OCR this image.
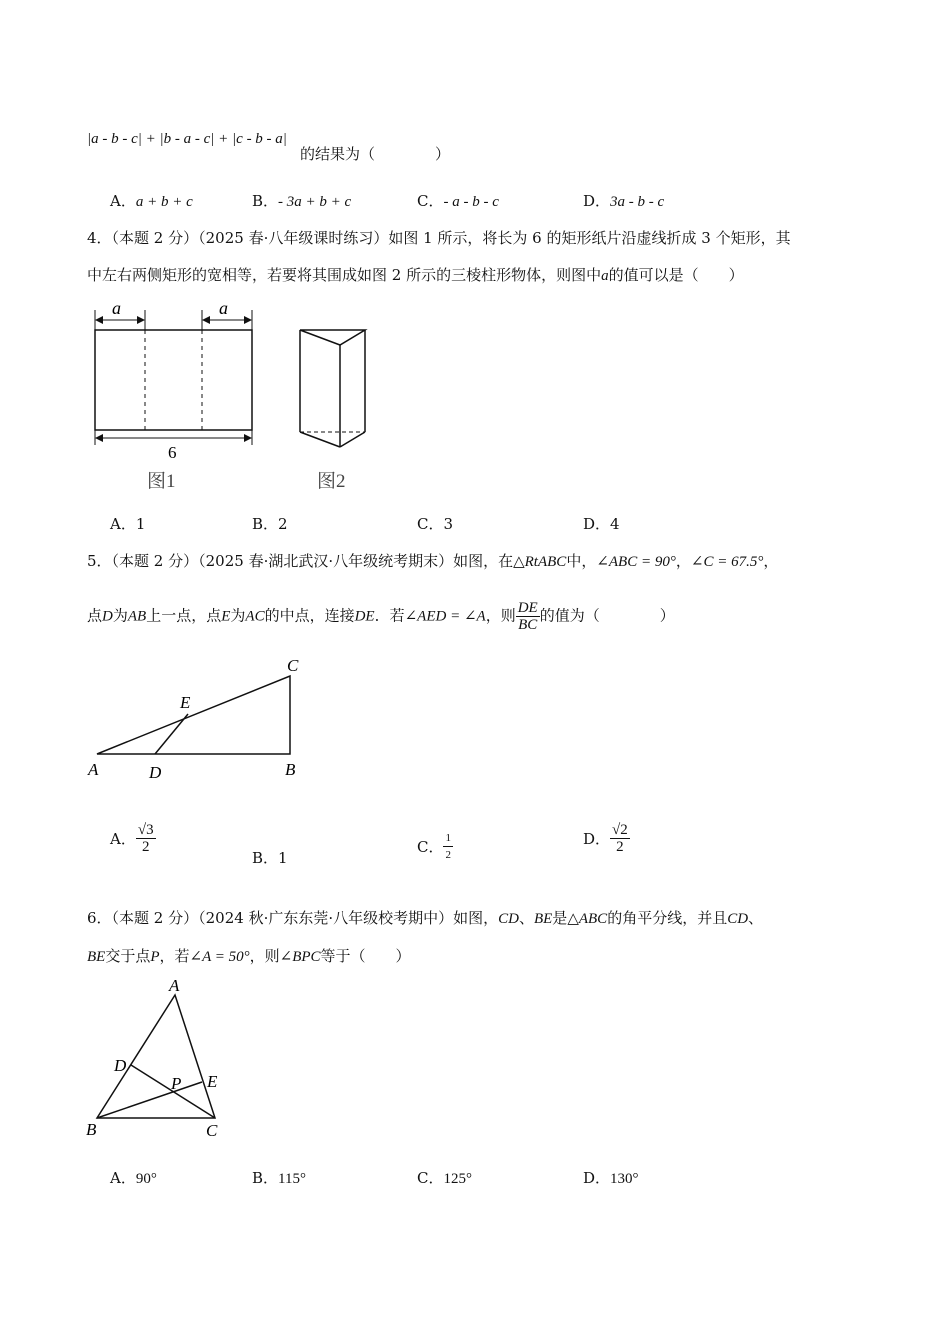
|a - b - c| + |b - a - c| + |c - b - a|
的结果为（　　　　）
A．a + b + c	B．- 3a + b + c	C．- a - b - c	D．3a - b - c
4．（本题 2 分）（2025 春·八年级课时练习）如图 1 所示，将长为 6 的矩形纸片沿虚线折成 3 个矩形，其
中左右两侧矩形的宽相等，若要将其围成如图 2 所示的三棱柱形物体，则图中a的值可以是（　　）
a	a
6
图1	图2
A．1	B．2	C．3	D．4
5．（本题 2 分）（2025 春·湖北武汉·八年级统考期末）如图，在△RtABC中，∠ABC = 90°，∠C = 67.5°，
点D为AB上一点，点E为AC的中点，连接DE．若∠AED = ∠A，则 $\frac{DE}{BC}$ 的值为（　　　　）
A	D	B
C
E
A． $\frac{√3}{2}$
B．1
C． $\frac{1}{2}$	D． $\frac{√2}{2}$
6．（本题 2 分）（2024 秋·广东东莞·八年级校考期中）如图，CD、BE是△ABC的角平分线，并且CD、
BE交于点P，若∠A = 50°，则∠BPC等于（　　）
A
B	C
D
E
P
A．90°	B．115°	C．125°	D．130°
